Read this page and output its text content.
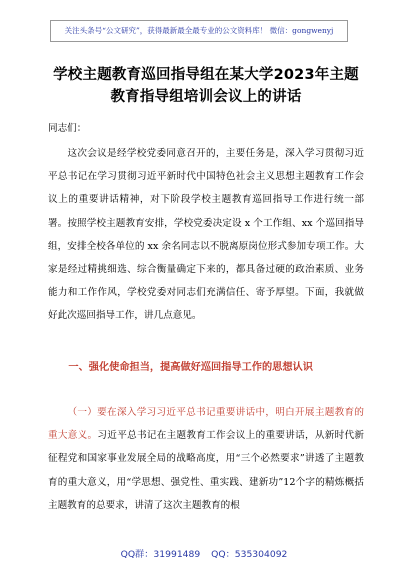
关注头条号“公文研究”，获得最新最全最专业的公文资料库！ 微信：gongwenyj
学校主题教育巡回指导组在某大学2023年主题教育指导组培训会议上的讲话
同志们：
这次会议是经学校党委同意召开的，主要任务是，深入学习贯彻习近平总书记在学习贯彻习近平新时代中国特色社会主义思想主题教育工作会议上的重要讲话精神，对下阶段学校主题教育巡回指导工作进行统一部署。按照学校主题教育安排，学校党委决定设 x 个工作组、xx 个巡回指导组，安排全校各单位的 xx 余名同志以不脱离原岗位形式参加专项工作。大家是经过精挑细选、综合衡量确定下来的，都具备过硬的政治素质、业务能力和工作作风，学校党委对同志们充满信任、寄予厚望。下面，我就做好此次巡回指导工作，讲几点意见。
一、强化使命担当，提高做好巡回指导工作的思想认识
（一）要在深入学习习近平总书记重要讲话中，明白开展主题教育的重大意义。习近平总书记在主题教育工作会议上的重要讲话，从新时代新征程党和国家事业发展全局的战略高度，用“三个必然要求”讲透了主题教育的重大意义，用“学思想、强党性、重实践、建新功”12个字的精炼概括主题教育的总要求，讲清了这次主题教育的根
QQ群：31991489 QQ：535304092
